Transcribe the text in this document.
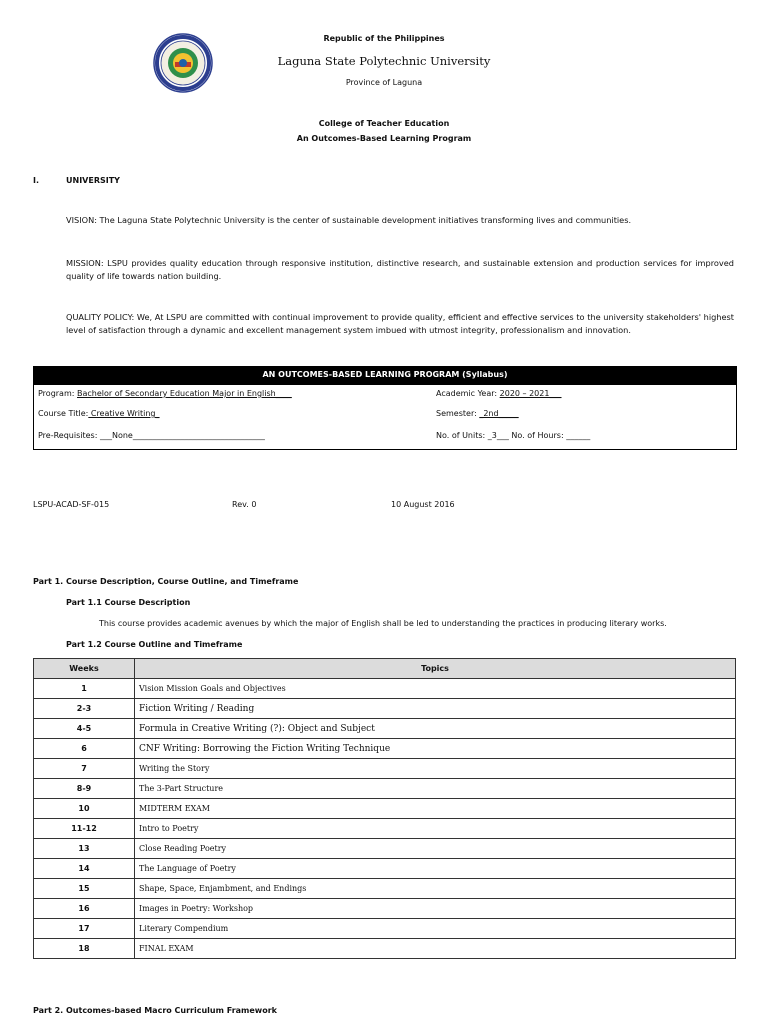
Republic of the Philippines
Laguna State Polytechnic University
Province of Laguna
College of Teacher Education
An Outcomes-Based Learning Program
I.	UNIVERSITY
VISION: The Laguna State Polytechnic University is the center of sustainable development initiatives transforming lives and communities.
MISSION: LSPU provides quality education through responsive institution, distinctive research, and sustainable extension and production services for improved quality of life towards nation building.
QUALITY POLICY: We, At LSPU are committed with continual improvement to provide quality, efficient and effective services to the university stakeholders' highest level of satisfaction through a dynamic and excellent management system imbued with utmost integrity, professionalism and innovation.
AN OUTCOMES-BASED LEARNING PROGRAM (Syllabus)
Program: Bachelor of Secondary Education Major in English____	Academic Year: 2020 – 2021___
Course Title: Creative Writing_	Semester: _2nd_____
Pre-Requisites: ___None_________________________________	No. of Units: _3___ No. of Hours: ______
LSPU-ACAD-SF-015	Rev. 0	10 August 2016
Part 1. Course Description, Course Outline, and Timeframe
Part 1.1 Course Description
This course provides academic avenues by which the major of English shall be led to understanding the practices in producing literary works.
Part 1.2 Course Outline and Timeframe
Weeks	Topics
1	Vision Mission Goals and Objectives
2-3	Fiction Writing / Reading
4-5	Formula in Creative Writing (?): Object and Subject
6	CNF Writing: Borrowing the Fiction Writing Technique
7	Writing the Story
8-9	The 3-Part Structure
10	MIDTERM EXAM
11-12	Intro to Poetry
13	Close Reading Poetry
14	The Language of Poetry
15	Shape, Space, Enjambment, and Endings
16	Images in Poetry: Workshop
17	Literary Compendium
18	FINAL EXAM
Part 2. Outcomes-based Macro Curriculum Framework
